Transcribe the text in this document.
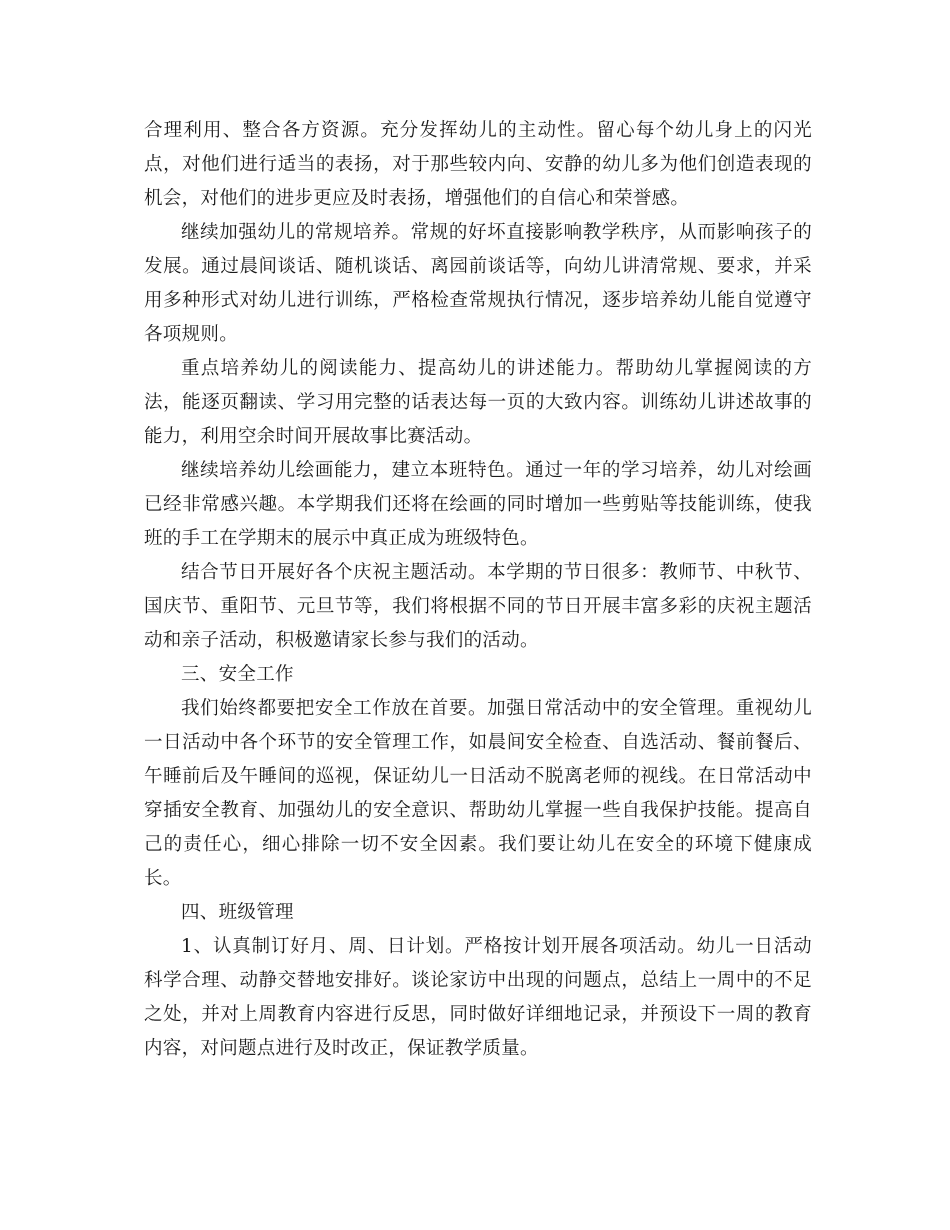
合理利用、整合各方资源。充分发挥幼儿的主动性。留心每个幼儿身上的闪光点，对他们进行适当的表扬，对于那些较内向、安静的幼儿多为他们创造表现的机会，对他们的进步更应及时表扬，增强他们的自信心和荣誉感。

继续加强幼儿的常规培养。常规的好坏直接影响教学秩序，从而影响孩子的发展。通过晨间谈话、随机谈话、离园前谈话等，向幼儿讲清常规、要求，并采用多种形式对幼儿进行训练，严格检查常规执行情况，逐步培养幼儿能自觉遵守各项规则。

重点培养幼儿的阅读能力、提高幼儿的讲述能力。帮助幼儿掌握阅读的方法，能逐页翻读、学习用完整的话表达每一页的大致内容。训练幼儿讲述故事的能力，利用空余时间开展故事比赛活动。

继续培养幼儿绘画能力，建立本班特色。通过一年的学习培养，幼儿对绘画已经非常感兴趣。本学期我们还将在绘画的同时增加一些剪贴等技能训练，使我班的手工在学期末的展示中真正成为班级特色。

结合节日开展好各个庆祝主题活动。本学期的节日很多：教师节、中秋节、国庆节、重阳节、元旦节等，我们将根据不同的节日开展丰富多彩的庆祝主题活动和亲子活动，积极邀请家长参与我们的活动。

三、安全工作

我们始终都要把安全工作放在首要。加强日常活动中的安全管理。重视幼儿一日活动中各个环节的安全管理工作，如晨间安全检查、自选活动、餐前餐后、午睡前后及午睡间的巡视，保证幼儿一日活动不脱离老师的视线。在日常活动中穿插安全教育、加强幼儿的安全意识、帮助幼儿掌握一些自我保护技能。提高自己的责任心，细心排除一切不安全因素。我们要让幼儿在安全的环境下健康成长。

四、班级管理

1、认真制订好月、周、日计划。严格按计划开展各项活动。幼儿一日活动科学合理、动静交替地安排好。谈论家访中出现的问题点，总结上一周中的不足之处，并对上周教育内容进行反思，同时做好详细地记录，并预设下一周的教育内容，对问题点进行及时改正，保证教学质量。
